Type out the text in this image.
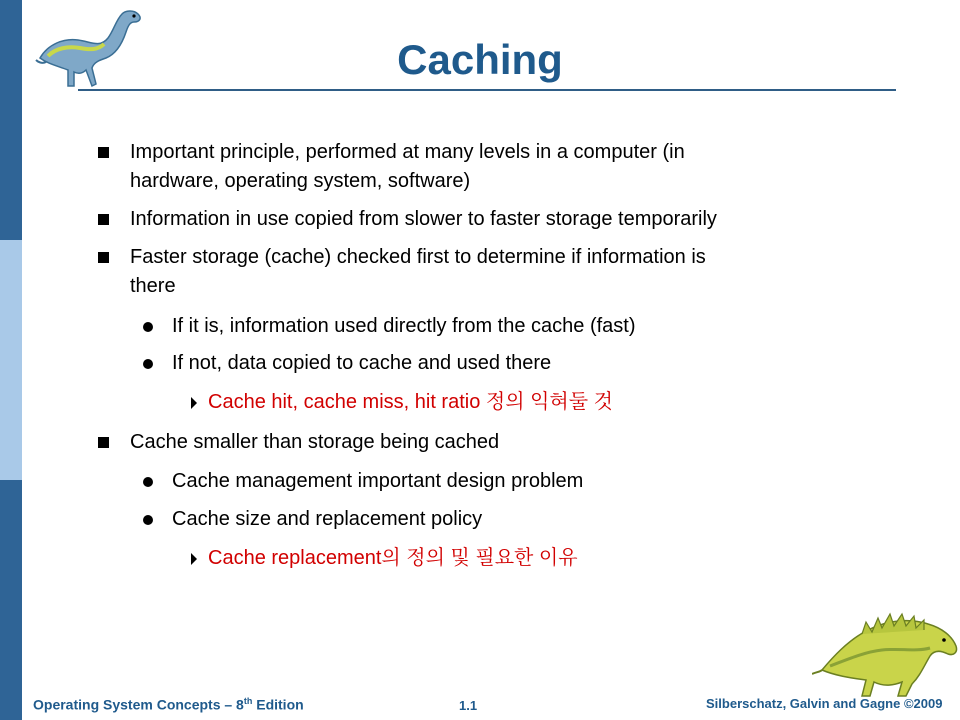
Caching
Important principle, performed at many levels in a computer (in
hardware, operating system, software)
Information in use copied from slower to faster storage temporarily
Faster storage (cache) checked first to determine if information is
there
If it is, information used directly from the cache (fast)
If not, data copied to cache and used there
Cache hit, cache miss, hit ratio 정의 익혀둘 것
Cache smaller than storage being cached
Cache management important design problem
Cache size and replacement policy
Cache replacement의 정의 및 필요한 이유
Operating System Concepts – 8th Edition	1.1	Silberschatz, Galvin and Gagne ©2009
